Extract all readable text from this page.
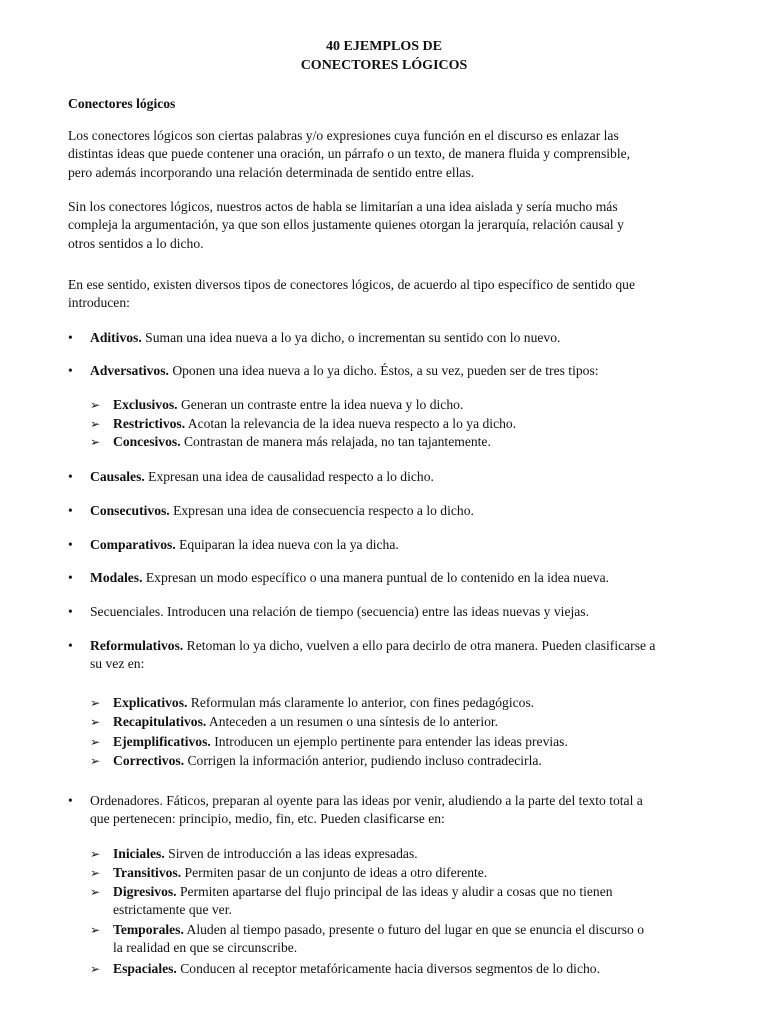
40 EJEMPLOS DE
CONECTORES LÓGICOS
Conectores lógicos
Los conectores lógicos son ciertas palabras y/o expresiones cuya función en el discurso es enlazar las
distintas ideas que puede contener una oración, un párrafo o un texto, de manera fluida y comprensible,
pero además incorporando una relación determinada de sentido entre ellas.
Sin los conectores lógicos, nuestros actos de habla se limitarían a una idea aislada y sería mucho más
compleja la argumentación, ya que son ellos justamente quienes otorgan la jerarquía, relación causal y
otros sentidos a lo dicho.
En ese sentido, existen diversos tipos de conectores lógicos, de acuerdo al tipo específico de sentido que
introducen:
•	Aditivos. Suman una idea nueva a lo ya dicho, o incrementan su sentido con lo nuevo.
•	Adversativos. Oponen una idea nueva a lo ya dicho. Éstos, a su vez, pueden ser de tres tipos:
➢ Exclusivos. Generan un contraste entre la idea nueva y lo dicho.
➢ Restrictivos. Acotan la relevancia de la idea nueva respecto a lo ya dicho.
➢ Concesivos. Contrastan de manera más relajada, no tan tajantemente.
•	Causales. Expresan una idea de causalidad respecto a lo dicho.
•	Consecutivos. Expresan una idea de consecuencia respecto a lo dicho.
•	Comparativos. Equiparan la idea nueva con la ya dicha.
•	Modales. Expresan un modo específico o una manera puntual de lo contenido en la idea nueva.
•	Secuenciales. Introducen una relación de tiempo (secuencia) entre las ideas nuevas y viejas.
•	Reformulativos. Retoman lo ya dicho, vuelven a ello para decirlo de otra manera. Pueden clasificarse a
su vez en:
➢ Explicativos. Reformulan más claramente lo anterior, con fines pedagógicos.
➢ Recapitulativos. Anteceden a un resumen o una síntesis de lo anterior.
➢ Ejemplificativos. Introducen un ejemplo pertinente para entender las ideas previas.
➢ Correctivos. Corrigen la información anterior, pudiendo incluso contradecirla.
•	Ordenadores. Fáticos, preparan al oyente para las ideas por venir, aludiendo a la parte del texto total a
que pertenecen: principio, medio, fin, etc. Pueden clasificarse en:
➢ Iniciales. Sirven de introducción a las ideas expresadas.
➢ Transitivos. Permiten pasar de un conjunto de ideas a otro diferente.
➢ Digresivos. Permiten apartarse del flujo principal de las ideas y aludir a cosas que no tienen
estrictamente que ver.
➢ Temporales. Aluden al tiempo pasado, presente o futuro del lugar en que se enuncia el discurso o
la realidad en que se circunscribe.
➢ Espaciales. Conducen al receptor metafóricamente hacia diversos segmentos de lo dicho.
